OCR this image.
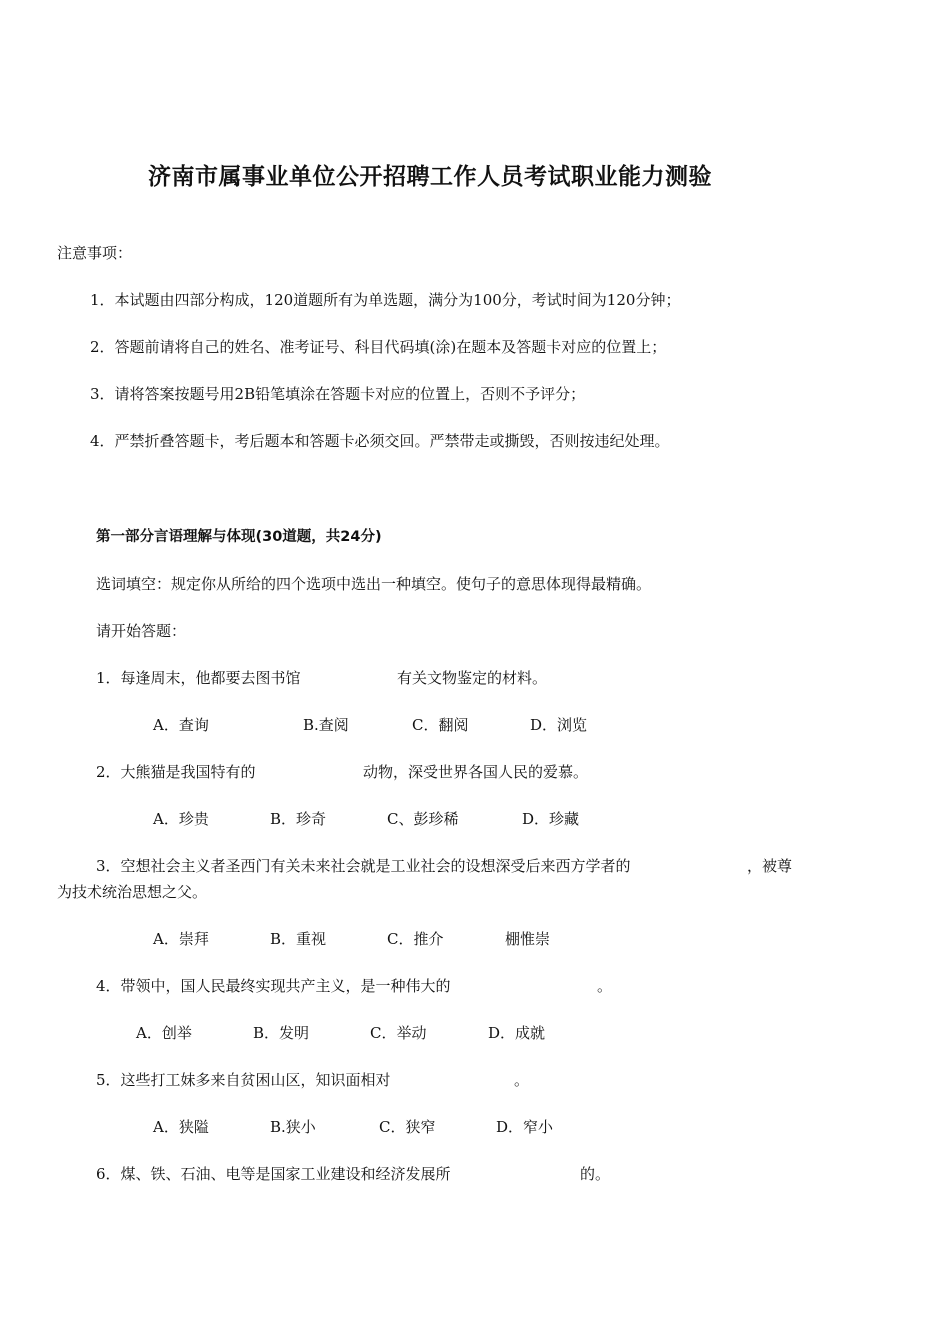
济南市属事业单位公开招聘工作人员考试职业能力测验
注意事项：
1．本试题由四部分构成，120道题所有为单选题，满分为100分，考试时间为120分钟；
2．答题前请将自己的姓名、准考证号、科目代码填(涂)在题本及答题卡对应的位置上；
3．请将答案按题号用2B铅笔填涂在答题卡对应的位置上，否则不予评分；
4．严禁折叠答题卡，考后题本和答题卡必须交回。严禁带走或撕毁，否则按违纪处理。
第一部分言语理解与体现(30道题，共24分)
选词填空：规定你从所给的四个选项中选出一种填空。使句子的意思体现得最精确。
请开始答题：
1．每逢周末，他都要去图书馆	有关文物鉴定的材料。
A．查询	B.查阅	C．翻阅	D．浏览
2．大熊猫是我国特有的	动物，深受世界各国人民的爱慕。
A．珍贵	B．珍奇	C、彭珍稀	D．珍藏
3．空想社会主义者圣西门有关未来社会就是工业社会的设想深受后来西方学者的	，被尊
为技术统治思想之父。
A．崇拜	B．重视	C．推介	棚惟崇
4．带领中，国人民最终实现共产主义，是一种伟大的	。
A．创举	B．发明	C．举动	D．成就
5．这些打工妹多来自贫困山区，知识面相对	。
A．狭隘	B.狭小	C．狭窄	D．窄小
6．煤、铁、石油、电等是国家工业建设和经济发展所	的。
